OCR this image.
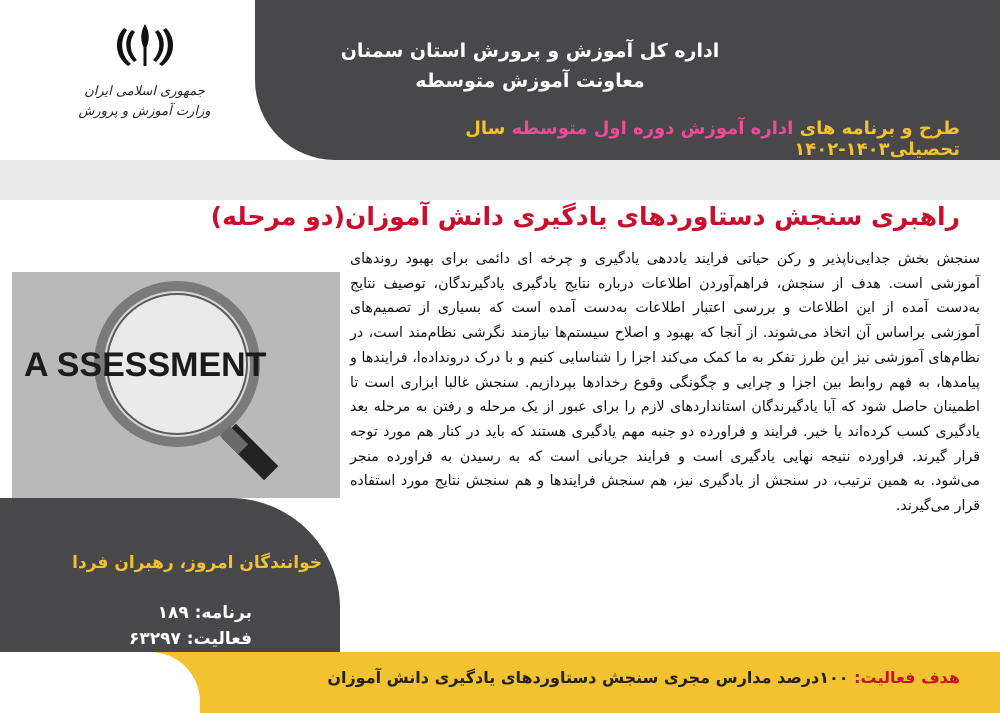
جمهوری اسلامی ایران
وزارت آموزش و پرورش
اداره کل آموزش و پرورش استان سمنان
معاونت آموزش متوسطه
طرح و برنامه های اداره آموزش دوره اول متوسطه سال تحصیلی۱۴۰۳-۱۴۰۲
راهبری سنجش دستاوردهای یادگیری دانش آموزان(دو مرحله)
A SSESSMENT
سنجش بخش جدایی‌ناپذیر و رکن حیاتی فرایند یاددهی یادگیری و چرخه ای دائمی برای بهبود روندهای آموزشی است. هدف از سنجش، فراهم‌آوردن اطلاعات درباره نتایج یادگیری یادگیرندگان، توصیف نتایج به‌دست آمده از این اطلاعات و بررسی اعتبار اطلاعات به‌دست آمده است که بسیاری از تصمیم‌های آموزشی براساس آن اتخاذ می‌شوند. از آنجا که بهبود و اصلاح سیستم‌ها نیازمند نگرشی نظام‌مند است، در نظام‌های آموزشی نیز این طرز تفکر به ما کمک می‌کند اجزا را شناسایی کنیم و با درک درونداده‌ا، فرایندها و پیامدها، به فهم روابط بین اجزا و چرایی و چگونگی وقوع رخدادها بپردازیم. سنجش غالبا ابزاری است تا اطمینان حاصل شود که آیا یادگیرندگان استانداردهای لازم را برای عبور از یک مرحله و رفتن به مرحله بعد یادگیری کسب کرده‌اند یا خیر. فرایند و فراورده دو جنبه مهم یادگیری هستند که باید در کنار هم مورد توجه قرار گیرند. فراورده نتیجه نهایی یادگیری است و فرایند جریانی است که به رسیدن به فراورده منجر می‌شود. به همین ترتیب، در سنجش از یادگیری نیز، هم سنجش فرایندها و هم سنجش نتایج مورد استفاده قرار می‌گیرند.
خوانندگان امروز، رهبران فردا
برنامه: ۱۸۹
فعالیت: ۶۳۲۹۷
هدف فعالیت: ۱۰۰درصد مدارس مجری سنجش دستاوردهای یادگیری دانش آموزان
